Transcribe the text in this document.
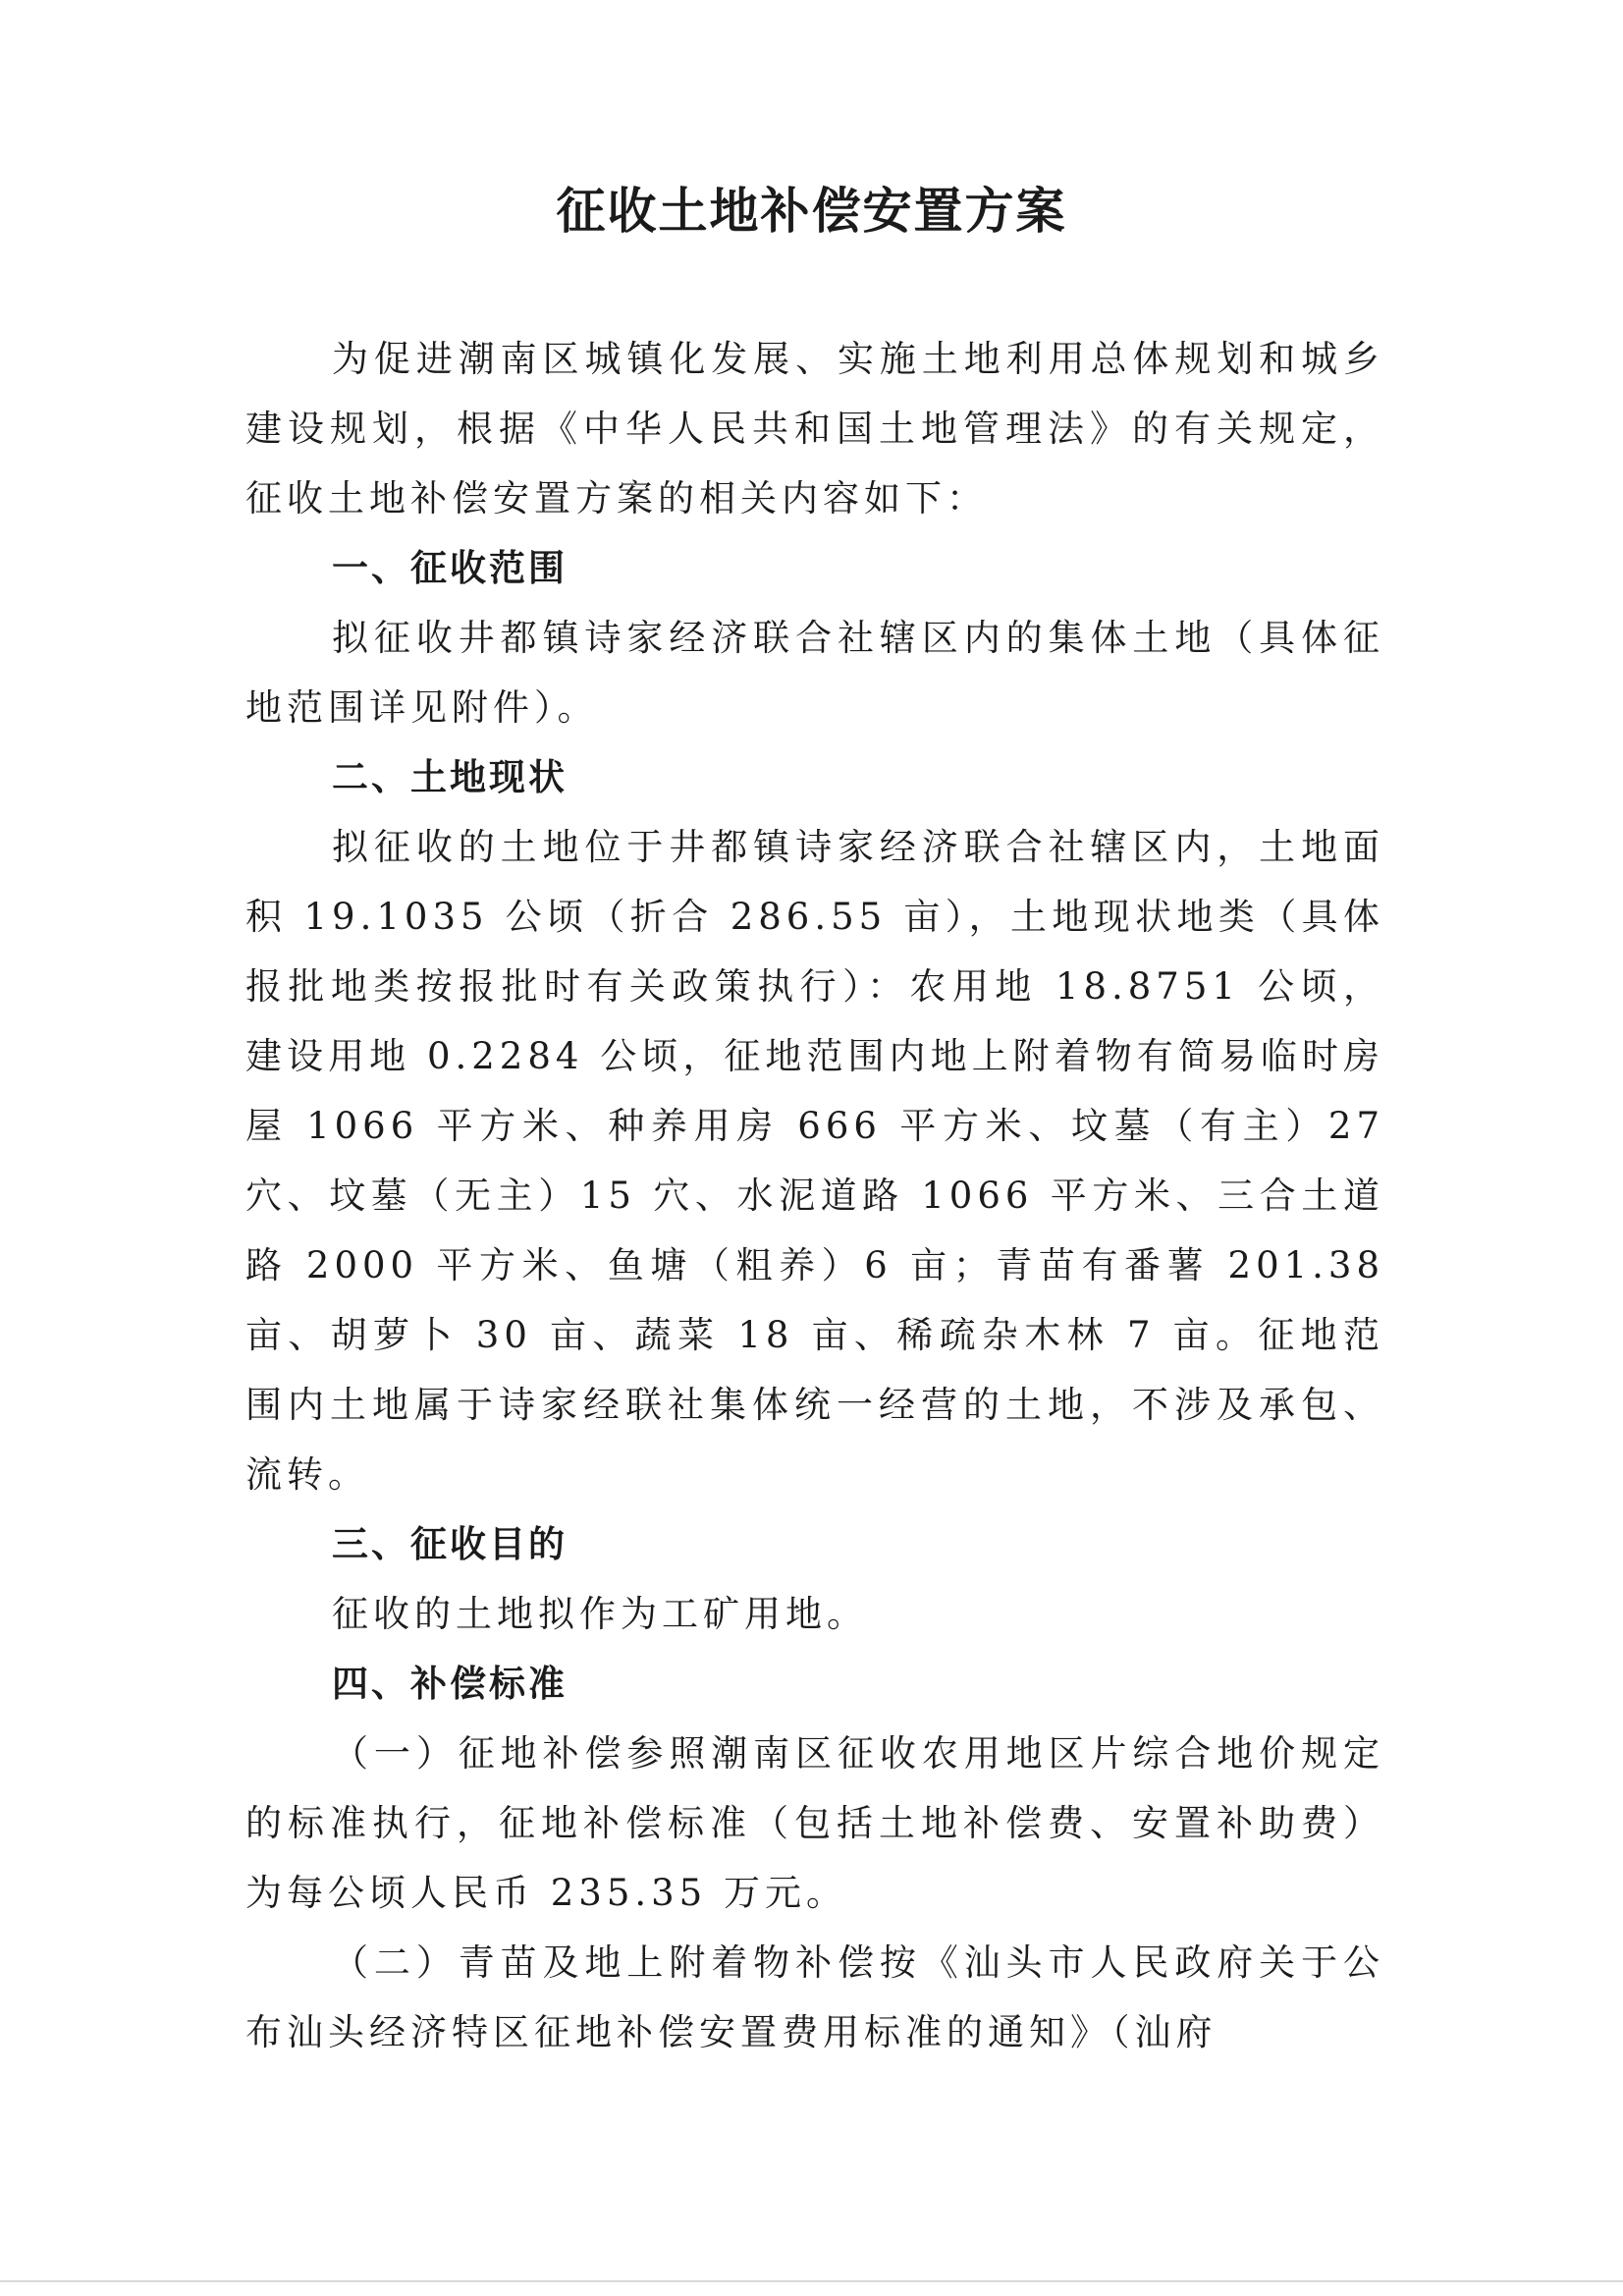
征收土地补偿安置方案

为促进潮南区城镇化发展、实施土地利用总体规划和城乡建设规划，根据《中华人民共和国土地管理法》的有关规定，征收土地补偿安置方案的相关内容如下：

一、征收范围

拟征收井都镇诗家经济联合社辖区内的集体土地（具体征地范围详见附件）。

二、土地现状

拟征收的土地位于井都镇诗家经济联合社辖区内，土地面积 19.1035 公顷（折合 286.55 亩），土地现状地类（具体报批地类按报批时有关政策执行）：农用地 18.8751 公顷，建设用地 0.2284 公顷，征地范围内地上附着物有简易临时房屋 1066 平方米、种养用房 666 平方米、坟墓（有主）27 穴、坟墓（无主）15 穴、水泥道路 1066 平方米、三合土道路 2000 平方米、鱼塘（粗养）6 亩；青苗有番薯 201.38 亩、胡萝卜 30 亩、蔬菜 18 亩、稀疏杂木林 7 亩。征地范围内土地属于诗家经联社集体统一经营的土地，不涉及承包、流转。

三、征收目的

征收的土地拟作为工矿用地。

四、补偿标准

（一）征地补偿参照潮南区征收农用地区片综合地价规定的标准执行，征地补偿标准（包括土地补偿费、安置补助费）为每公顷人民币 235.35 万元。

（二）青苗及地上附着物补偿按《汕头市人民政府关于公布汕头经济特区征地补偿安置费用标准的通知》（汕府
